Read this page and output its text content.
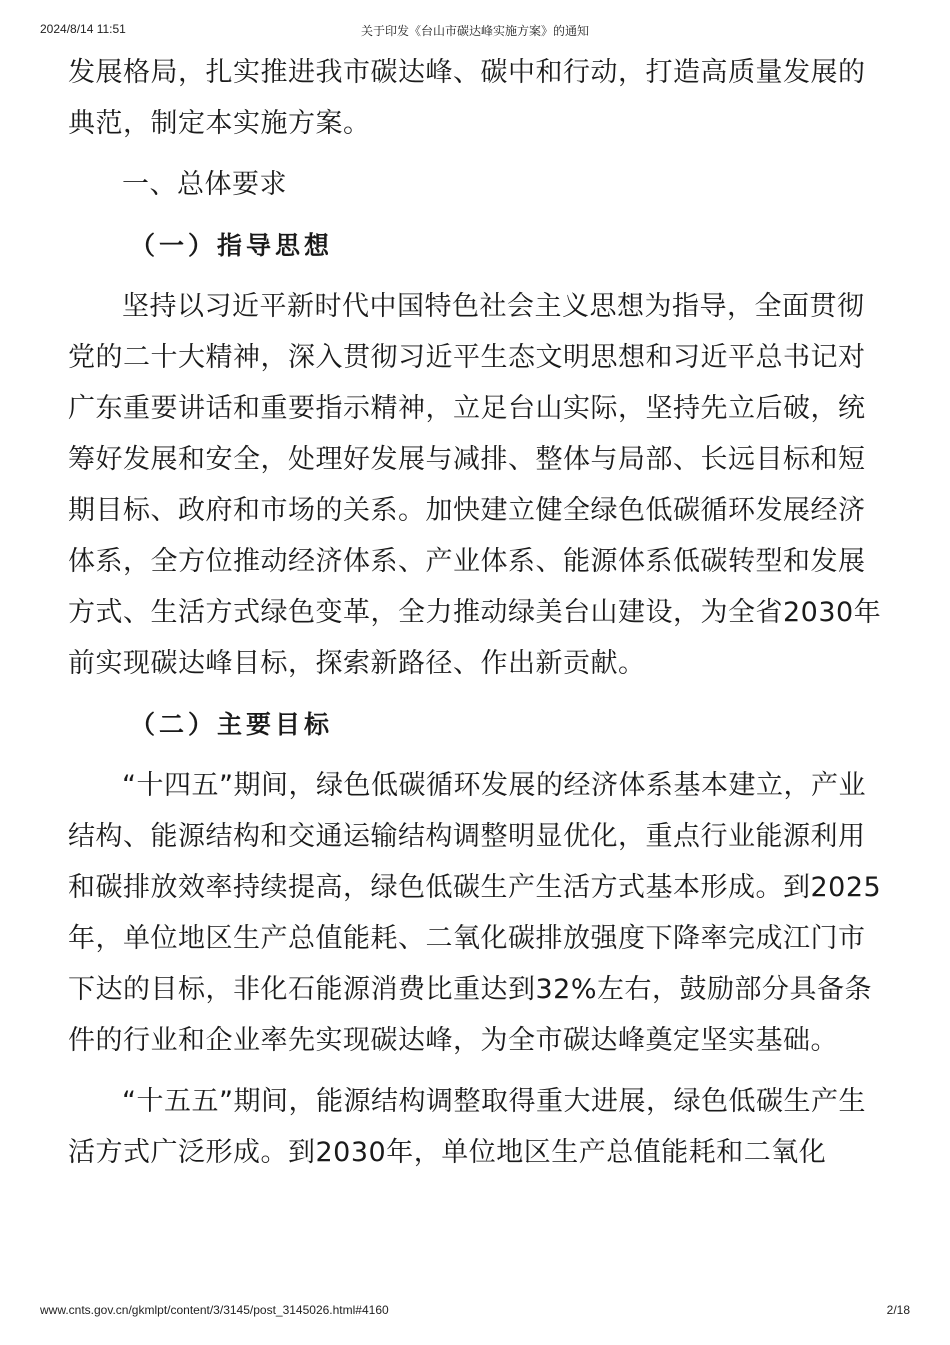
2024/8/14 11:51	关于印发《台山市碳达峰实施方案》的通知

发展格局，扎实推进我市碳达峰、碳中和行动，打造高质量发展的典范，制定本实施方案。

一、总体要求

（一）指导思想

坚持以习近平新时代中国特色社会主义思想为指导，全面贯彻党的二十大精神，深入贯彻习近平生态文明思想和习近平总书记对广东重要讲话和重要指示精神，立足台山实际，坚持先立后破，统筹好发展和安全，处理好发展与减排、整体与局部、长远目标和短期目标、政府和市场的关系。加快建立健全绿色低碳循环发展经济体系，全方位推动经济体系、产业体系、能源体系低碳转型和发展方式、生活方式绿色变革，全力推动绿美台山建设，为全省2030年前实现碳达峰目标，探索新路径、作出新贡献。

（二）主要目标

“十四五”期间，绿色低碳循环发展的经济体系基本建立，产业结构、能源结构和交通运输结构调整明显优化，重点行业能源利用和碳排放效率持续提高，绿色低碳生产生活方式基本形成。到2025年，单位地区生产总值能耗、二氧化碳排放强度下降率完成江门市下达的目标，非化石能源消费比重达到32%左右，鼓励部分具备条件的行业和企业率先实现碳达峰，为全市碳达峰奠定坚实基础。

“十五五”期间，能源结构调整取得重大进展，绿色低碳生产生活方式广泛形成。到2030年，单位地区生产总值能耗和二氧化

www.cnts.gov.cn/gkmlpt/content/3/3145/post_3145026.html#4160	2/18
